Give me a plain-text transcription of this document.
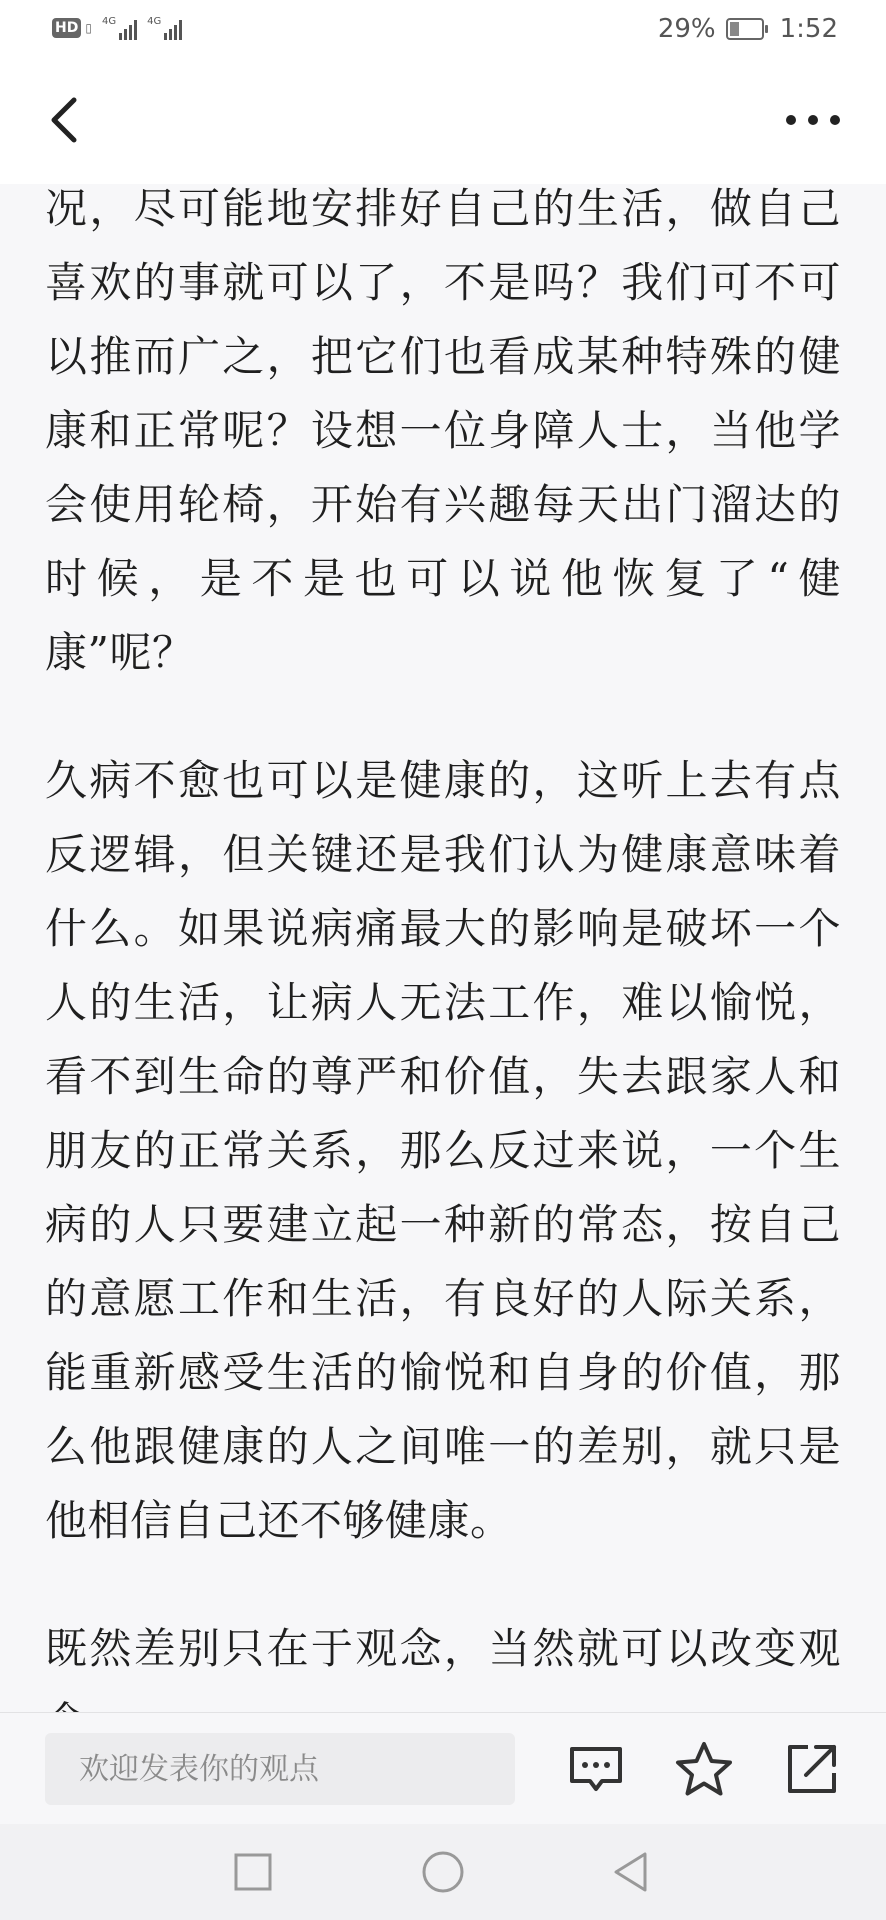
HD ▯ 4G	4G	29% 1:52

况，尽可能地安排好自己的生活，做自己喜欢的事就可以了，不是吗？我们可不可以推而广之，把它们也看成某种特殊的健康和正常呢？设想一位身障人士，当他学会使用轮椅，开始有兴趣每天出门溜达的时候，是不是也可以说他恢复了“健康”呢？

久病不愈也可以是健康的，这听上去有点反逻辑，但关键还是我们认为健康意味着什么。如果说病痛最大的影响是破坏一个人的生活，让病人无法工作，难以愉悦，看不到生命的尊严和价值，失去跟家人和朋友的正常关系，那么反过来说，一个生病的人只要建立起一种新的常态，按自己的意愿工作和生活，有良好的人际关系，能重新感受生活的愉悦和自身的价值，那么他跟健康的人之间唯一的差别，就只是他相信自己还不够健康。

既然差别只在于观念，当然就可以改变观

欢迎发表你的观点
